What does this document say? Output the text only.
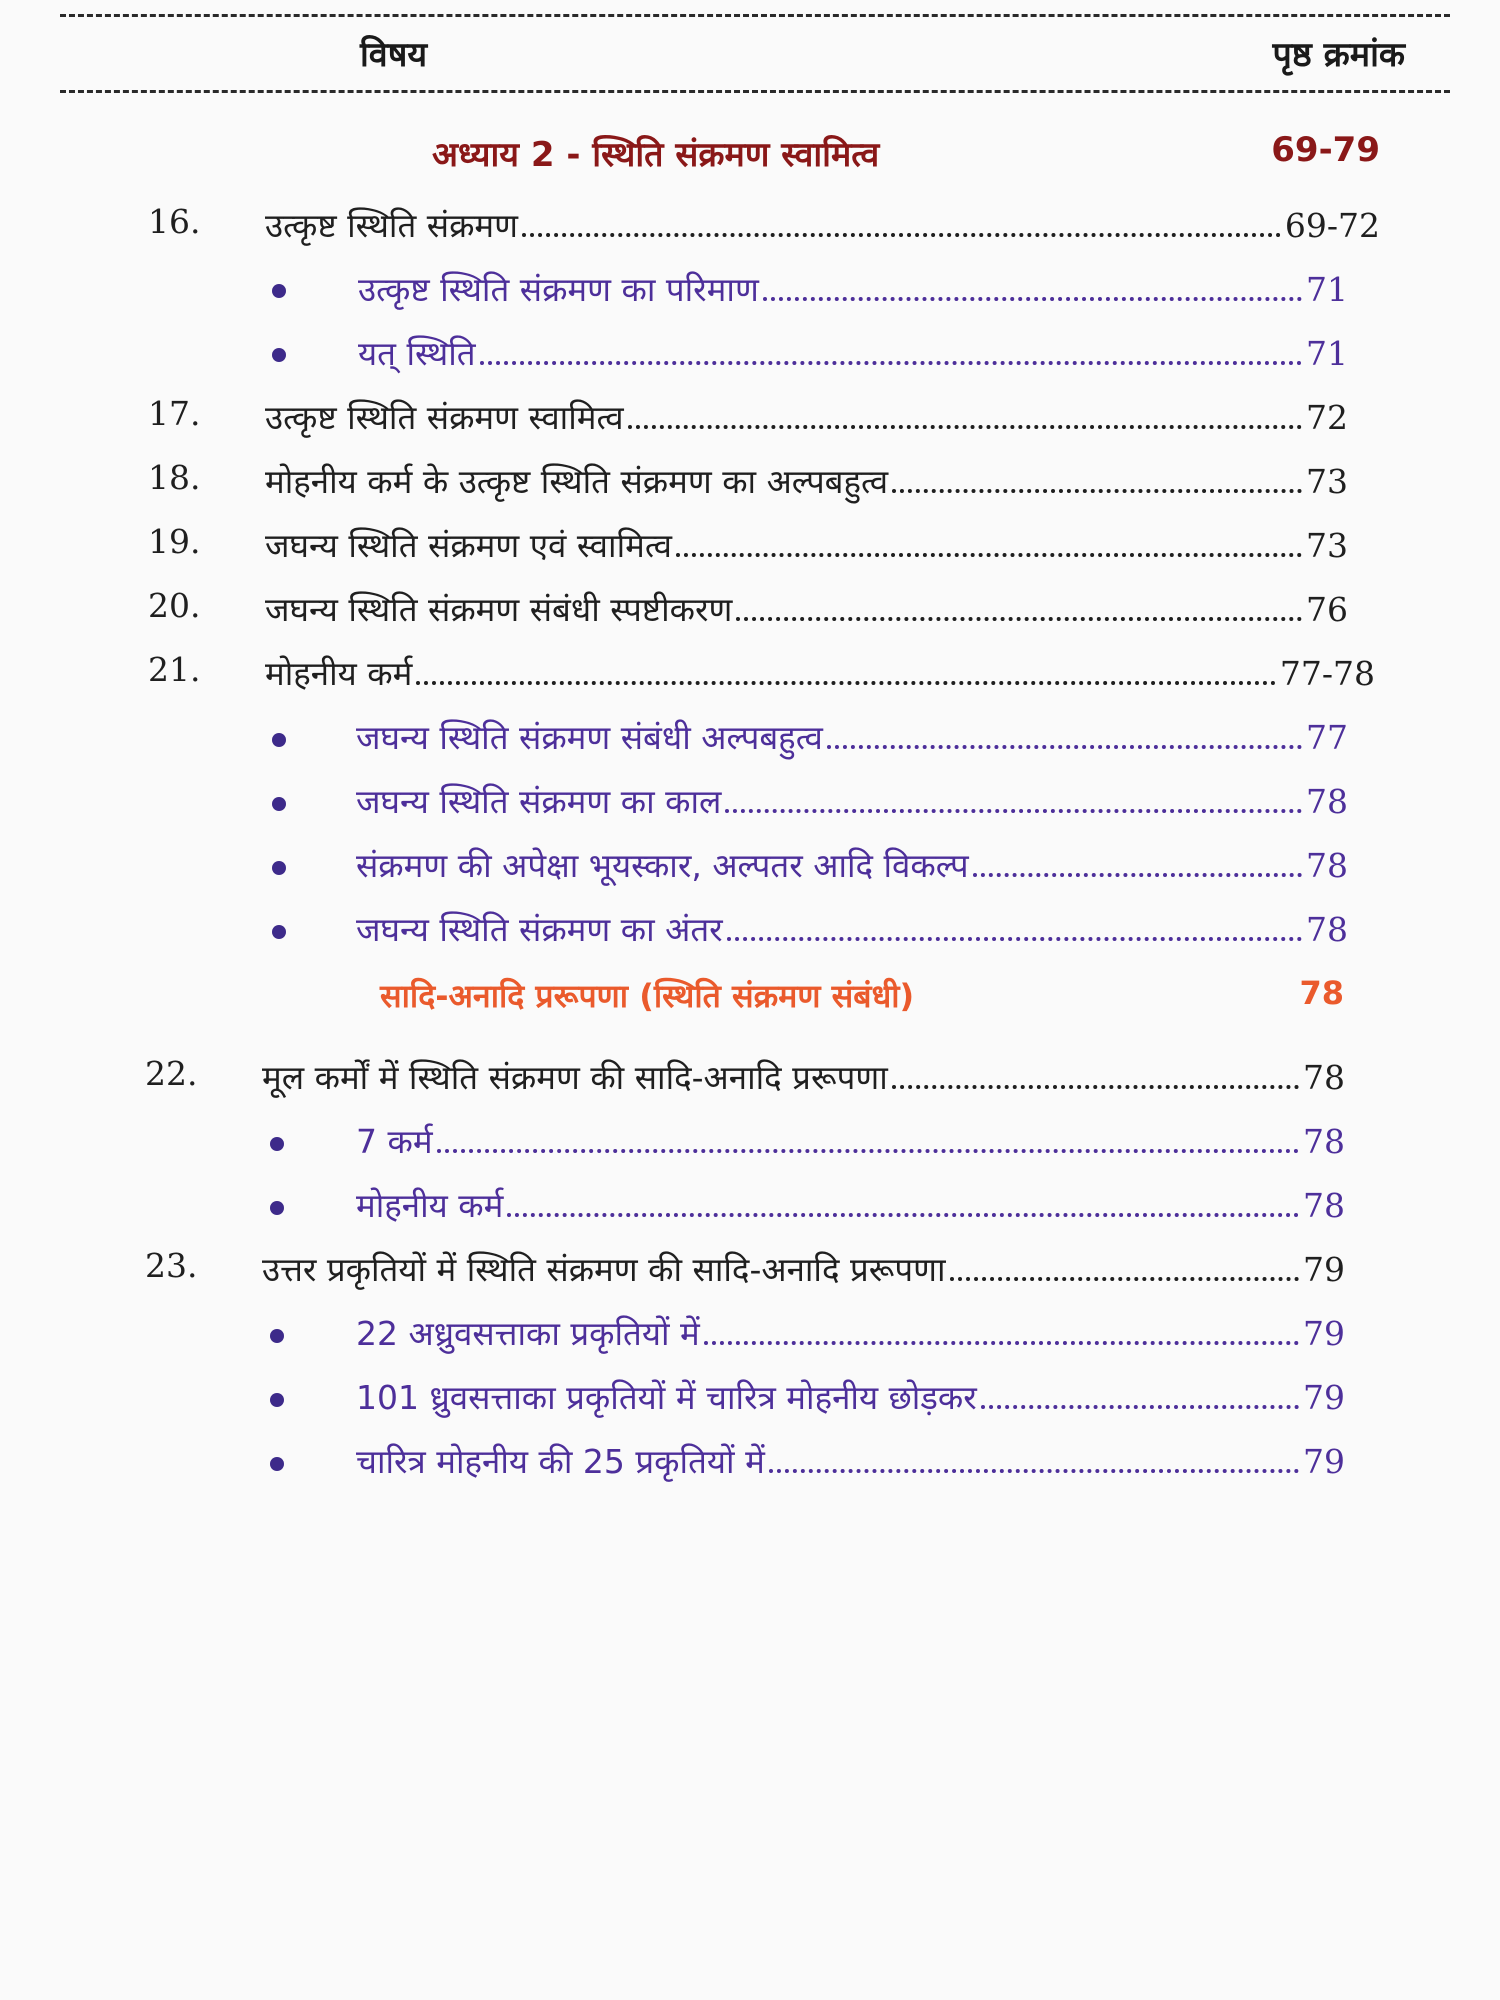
विषय	पृष्ठ क्रमांक
अध्याय 2 - स्थिति संक्रमण स्वामित्व	69-79
16. उत्कृष्ट स्थिति संक्रमण	69-72
उत्कृष्ट स्थिति संक्रमण का परिमाण	71
यत् स्थिति	71
17. उत्कृष्ट स्थिति संक्रमण स्वामित्व	72
18. मोहनीय कर्म के उत्कृष्ट स्थिति संक्रमण का अल्पबहुत्व	73
19. जघन्य स्थिति संक्रमण एवं स्वामित्व	73
20. जघन्य स्थिति संक्रमण संबंधी स्पष्टीकरण	76
21. मोहनीय कर्म	77-78
जघन्य स्थिति संक्रमण संबंधी अल्पबहुत्व	77
जघन्य स्थिति संक्रमण का काल	78
संक्रमण की अपेक्षा भूयस्कार, अल्पतर आदि विकल्प	78
जघन्य स्थिति संक्रमण का अंतर	78
सादि-अनादि प्ररूपणा (स्थिति संक्रमण संबंधी)	78
22. मूल कर्मों में स्थिति संक्रमण की सादि-अनादि प्ररूपणा	78
7 कर्म	78
मोहनीय कर्म	78
23. उत्तर प्रकृतियों में स्थिति संक्रमण की सादि-अनादि प्ररूपणा	79
22 अध्रुवसत्ताका प्रकृतियों में	79
101 ध्रुवसत्ताका प्रकृतियों में चारित्र मोहनीय छोड़कर	79
चारित्र मोहनीय की 25 प्रकृतियों में	79
